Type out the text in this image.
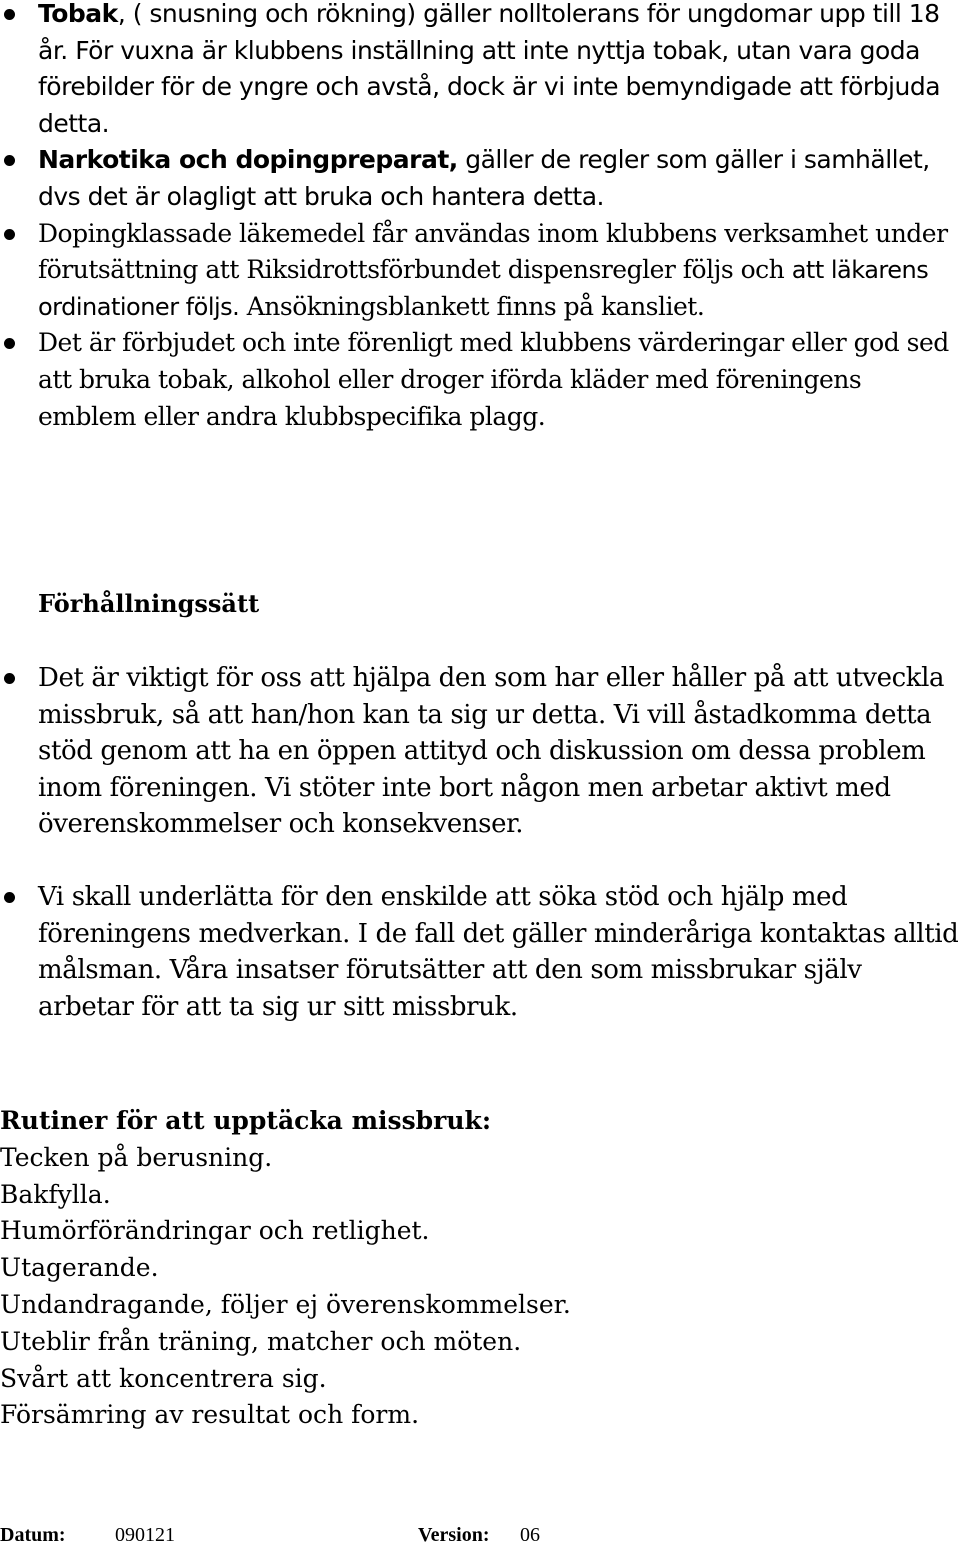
Tobak, ( snusning och rökning) gäller nolltolerans för ungdomar upp till 18 år. För vuxna är klubbens inställning att inte nyttja tobak, utan vara goda förebilder för de yngre och avstå, dock är vi inte bemyndigade att förbjuda detta.
Narkotika och dopingpreparat, gäller de regler som gäller i samhället, dvs det är olagligt att bruka och hantera detta.
Dopingklassade läkemedel får användas inom klubbens verksamhet under förutsättning att Riksidrottsförbundet dispensregler följs och att läkarens ordinationer följs. Ansökningsblankett finns på kansliet.
Det är förbjudet och inte förenligt med klubbens värderingar eller god sed att bruka tobak, alkohol eller droger iförda kläder med föreningens emblem eller andra klubbspecifika plagg.
Förhållningssätt
Det är viktigt för oss att hjälpa den som har eller håller på att utveckla missbruk, så att han/hon kan ta sig ur detta. Vi vill åstadkomma detta stöd genom att ha en öppen attityd och diskussion om dessa problem inom föreningen. Vi stöter inte bort någon men arbetar aktivt med överenskommelser och konsekvenser.
Vi skall underlätta för den enskilde att söka stöd och hjälp med föreningens medverkan. I de fall det gäller minderåriga kontaktas alltid målsman. Våra insatser förutsätter att den som missbrukar själv arbetar för att ta sig ur sitt missbruk.
Rutiner för att upptäcka missbruk:
Tecken på berusning.
Bakfylla.
Humörförändringar och retlighet.
Utagerande.
Undandragande, följer ej överenskommelser.
Uteblir från träning, matcher och möten.
Svårt att koncentrera sig.
Försämring av resultat och form.
Datum: 090121	Version: 06
